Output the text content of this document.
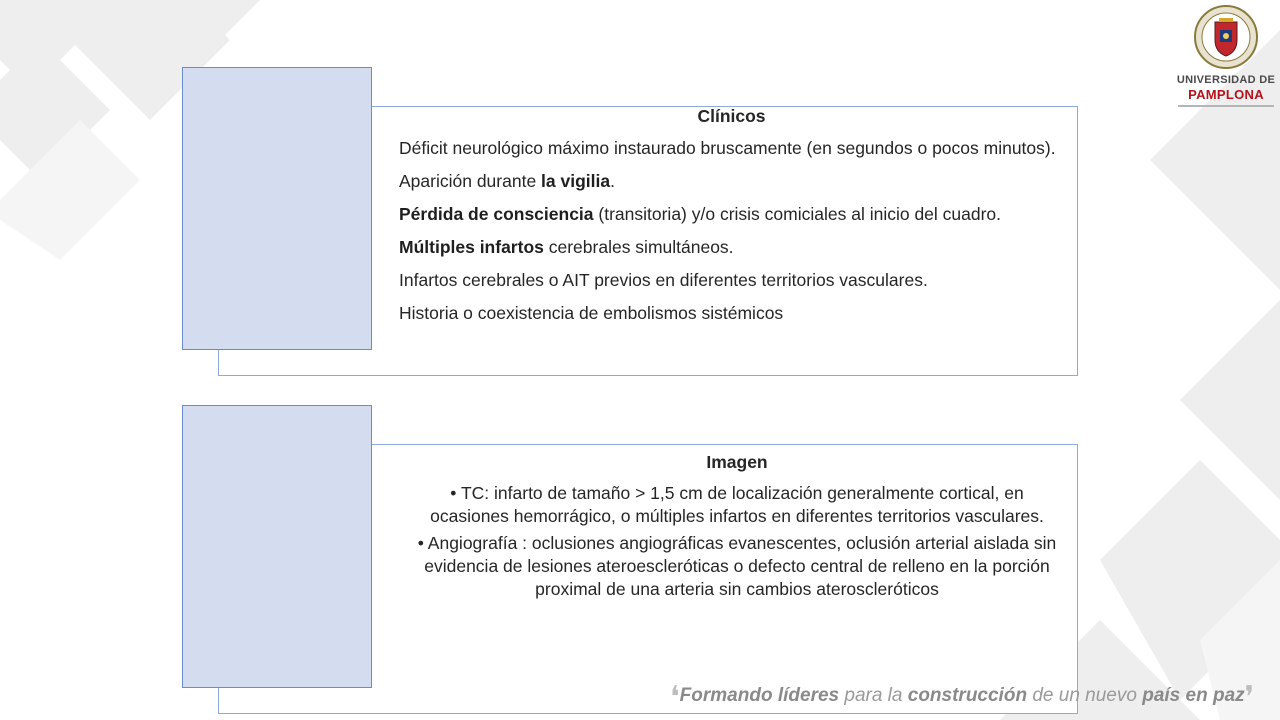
UNIVERSIDAD DE
PAMPLONA
Clínicos
Déficit neurológico máximo instaurado bruscamente (en segundos o pocos minutos).
Aparición durante la vigilia.
Pérdida de consciencia (transitoria) y/o crisis comiciales al inicio del cuadro.
Múltiples infartos cerebrales simultáneos.
Infartos cerebrales o AIT previos en diferentes territorios vasculares.
Historia o coexistencia de embolismos sistémicos
Imagen
• TC: infarto de tamaño > 1,5 cm de localización generalmente cortical, en ocasiones hemorrágico, o múltiples infartos en diferentes territorios vasculares.
• Angiografía : oclusiones angiográficas evanescentes, oclusión arterial aislada sin evidencia de lesiones ateroescleróticas o defecto central de relleno en la porción proximal de una arteria sin cambios ateroscleróticos
❛Formando líderes para la construcción de un nuevo país en paz❜
